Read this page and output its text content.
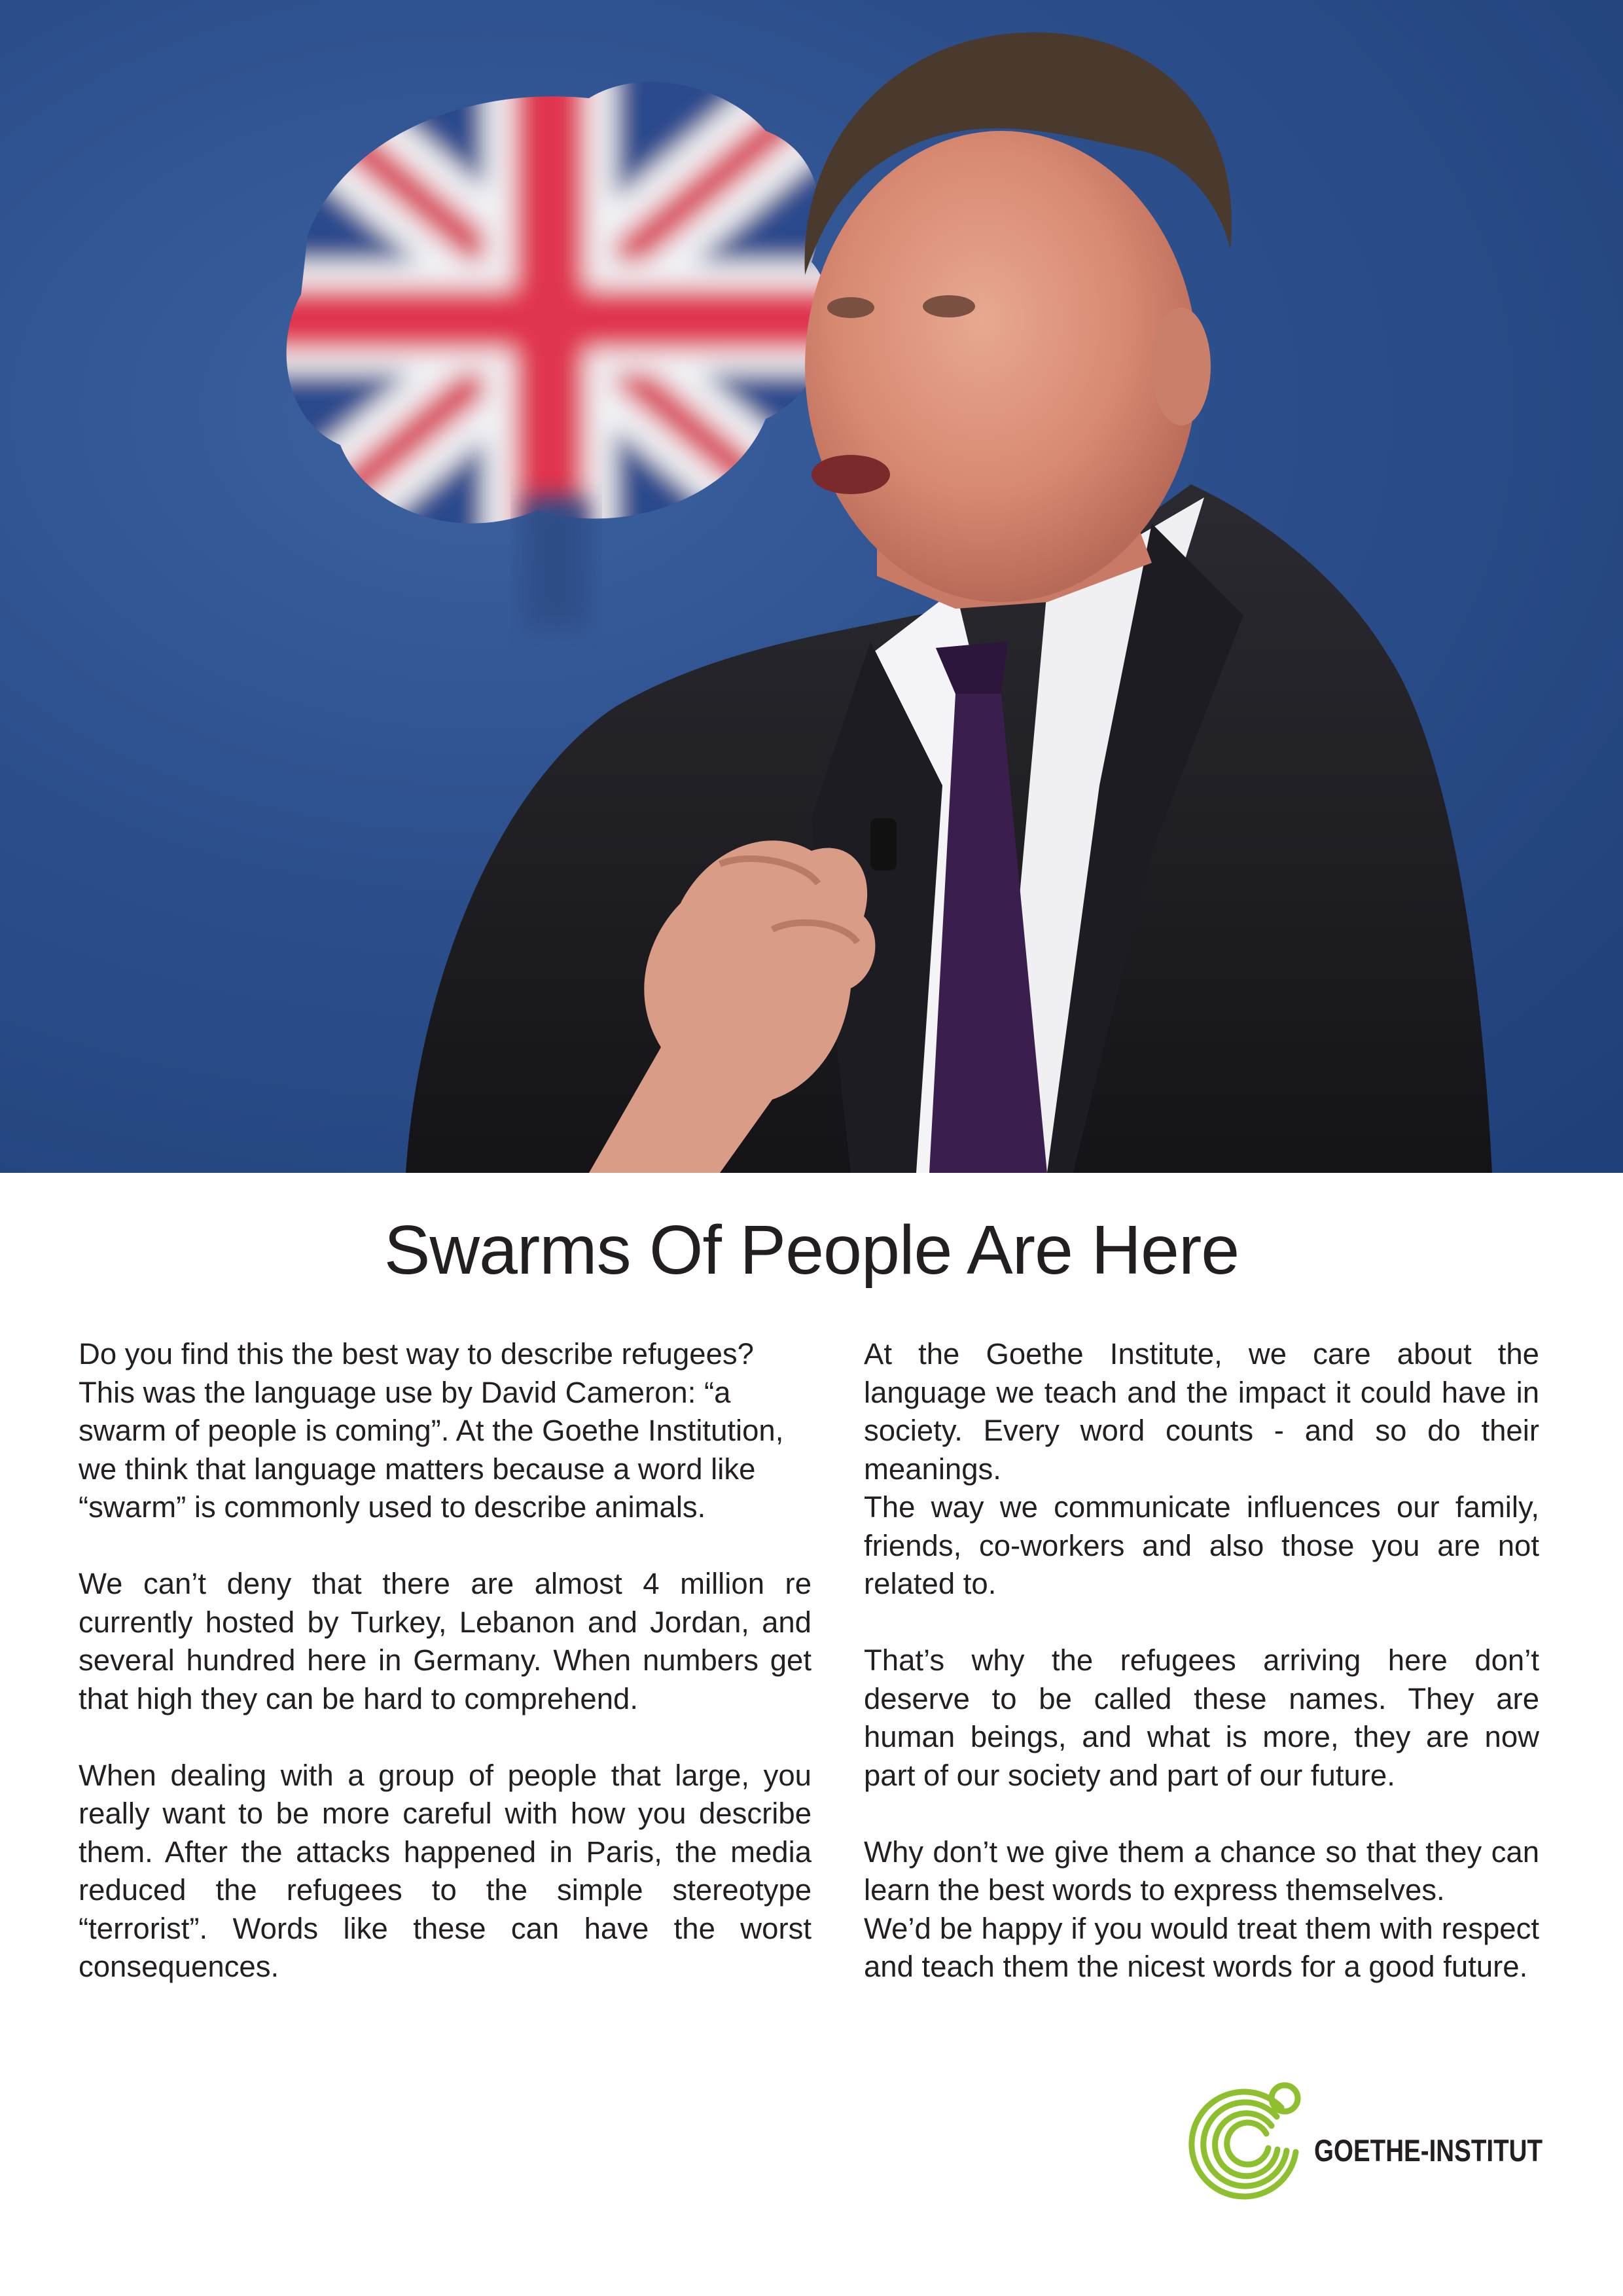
Swarms Of People Are Here

Do you find this the best way to describe refugees? This was the language use by David Cameron: “a swarm of people is coming”. At the Goethe Institution, we think that language matters because a word like “swarm” is commonly used to describe animals.

We can’t deny that there are almost 4 million re currently hosted by Turkey, Lebanon and Jordan, and several hundred here in Germany. When numbers get that high they can be hard to comprehend.

When dealing with a group of people that large, you really want to be more careful with how you describe them. After the attacks happened in Paris, the media reduced the refugees to the simple stereotype “terrorist”. Words like these can have the worst consequences.

At the Goethe Institute, we care about the language we teach and the impact it could have in society. Every word counts - and so do their meanings.

The way we communicate influences our family, friends, co-workers and also those you are not related to.

That’s why the refugees arriving here don’t deserve to be called these names. They are human beings, and what is more, they are now part of our society and part of our future.

Why don’t we give them a chance so that they can learn the best words to express themselves.

We’d be happy if you would treat them with respect and teach them the nicest words for a good future.

GOETHE-INSTITUT
